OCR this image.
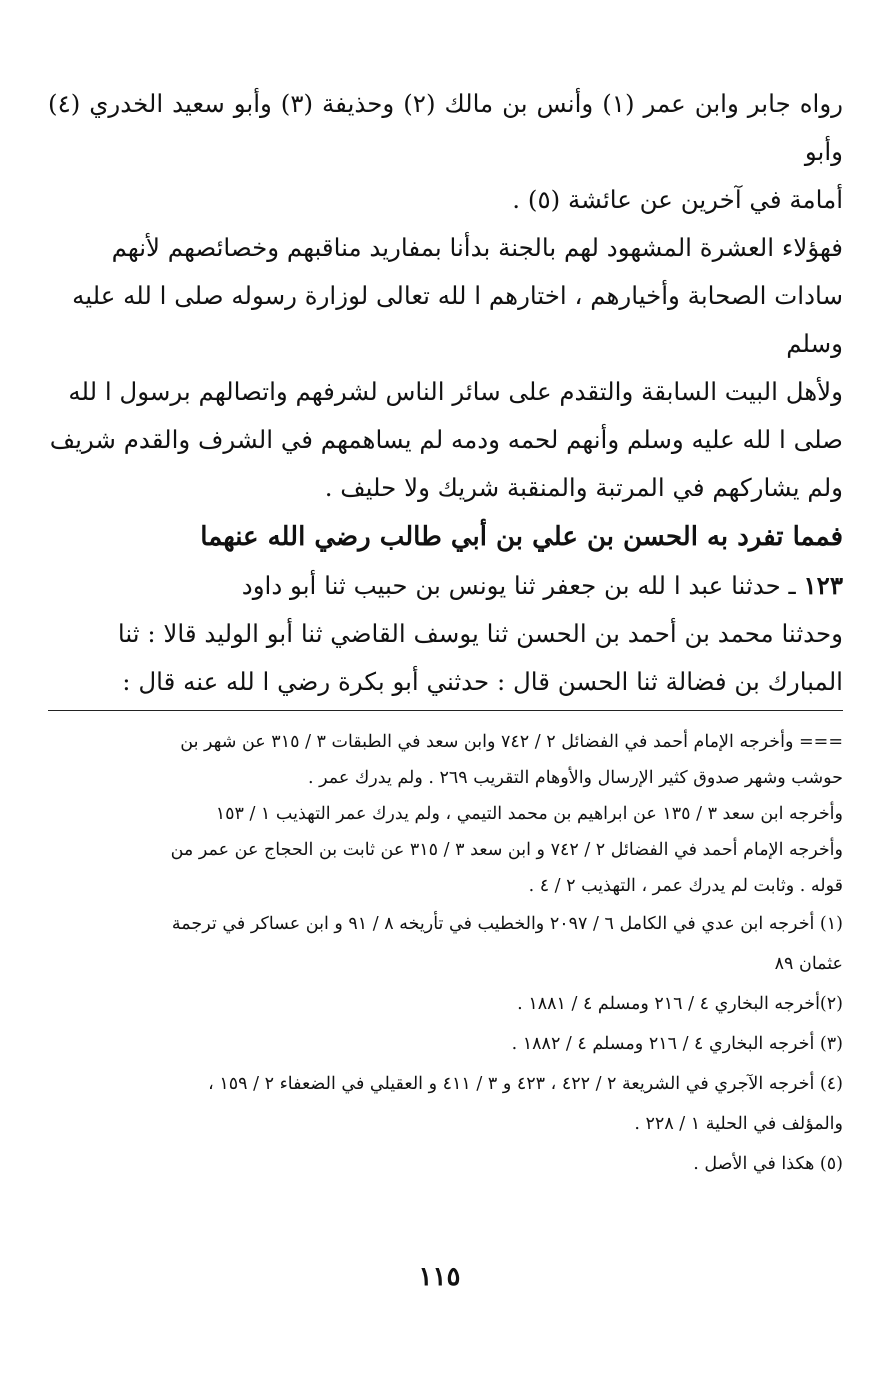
رواه جابر وابن عمر (١) وأنس بن مالك (٢) وحذيفة (٣) وأبو سعيد الخدري (٤) وأبو
أمامة في آخرين عن عائشة (٥) .

فهؤلاء العشرة المشهود لهم بالجنة بدأنا بمفاريد مناقبهم وخصائصهم لأنهم
سادات الصحابة وأخيارهم ، اختارهم ا لله تعالى لوزارة رسوله صلى ا لله عليه
وسلم

ولأهل البيت السابقة والتقدم على سائر الناس لشرفهم واتصالهم برسول ا لله
صلى ا لله عليه وسلم وأنهم لحمه ودمه لم يساهمهم في الشرف والقدم شريف
ولم يشاركهم في المرتبة والمنقبة شريك ولا حليف .

فمما تفرد به الحسن بن علي بن أبي طالب رضي الله عنهما

١٢٣ ـ حدثنا عبد ا لله بن جعفر ثنا يونس بن حبيب ثنا أبو داود
وحدثنا محمد بن أحمد بن الحسن ثنا يوسف القاضي ثنا أبو الوليد قالا : ثنا
المبارك بن فضالة ثنا الحسن قال : حدثني أبو بكرة رضي ا لله عنه قال :

=== وأخرجه الإمام أحمد في الفضائل ٢ / ٧٤٢ وابن سعد في الطبقات ٣ / ٣١٥ عن شهر بن
حوشب وشهر صدوق كثير الإرسال والأوهام التقريب ٢٦٩ . ولم يدرك عمر .
وأخرجه ابن سعد ٣ / ١٣٥ عن ابراهيم بن محمد التيمي ، ولم يدرك عمر التهذيب ١ / ١٥٣
وأخرجه الإمام أحمد في الفضائل ٢ / ٧٤٢ و ابن سعد ٣ / ٣١٥ عن ثابت بن الحجاج عن عمر من
قوله . وثابت لم يدرك عمر ، التهذيب ٢ / ٤ .

(١) أخرجه ابن عدي في الكامل ٦ / ٢٠٩٧ والخطيب في تأريخه ٨ / ٩١ و ابن عساكر في ترجمة
عثمان ٨٩

(٢)أخرجه البخاري ٤ / ٢١٦ ومسلم ٤ / ١٨٨١ .

(٣) أخرجه البخاري ٤ / ٢١٦ ومسلم ٤ / ١٨٨٢ .

(٤) أخرجه الآجري في الشريعة ٢ / ٤٢٢ ، ٤٢٣ و ٣ / ٤١١ و العقيلي في الضعفاء ٢ / ١٥٩ ،
والمؤلف في الحلية ١ / ٢٢٨ .

(٥) هكذا في الأصل .

١١٥
